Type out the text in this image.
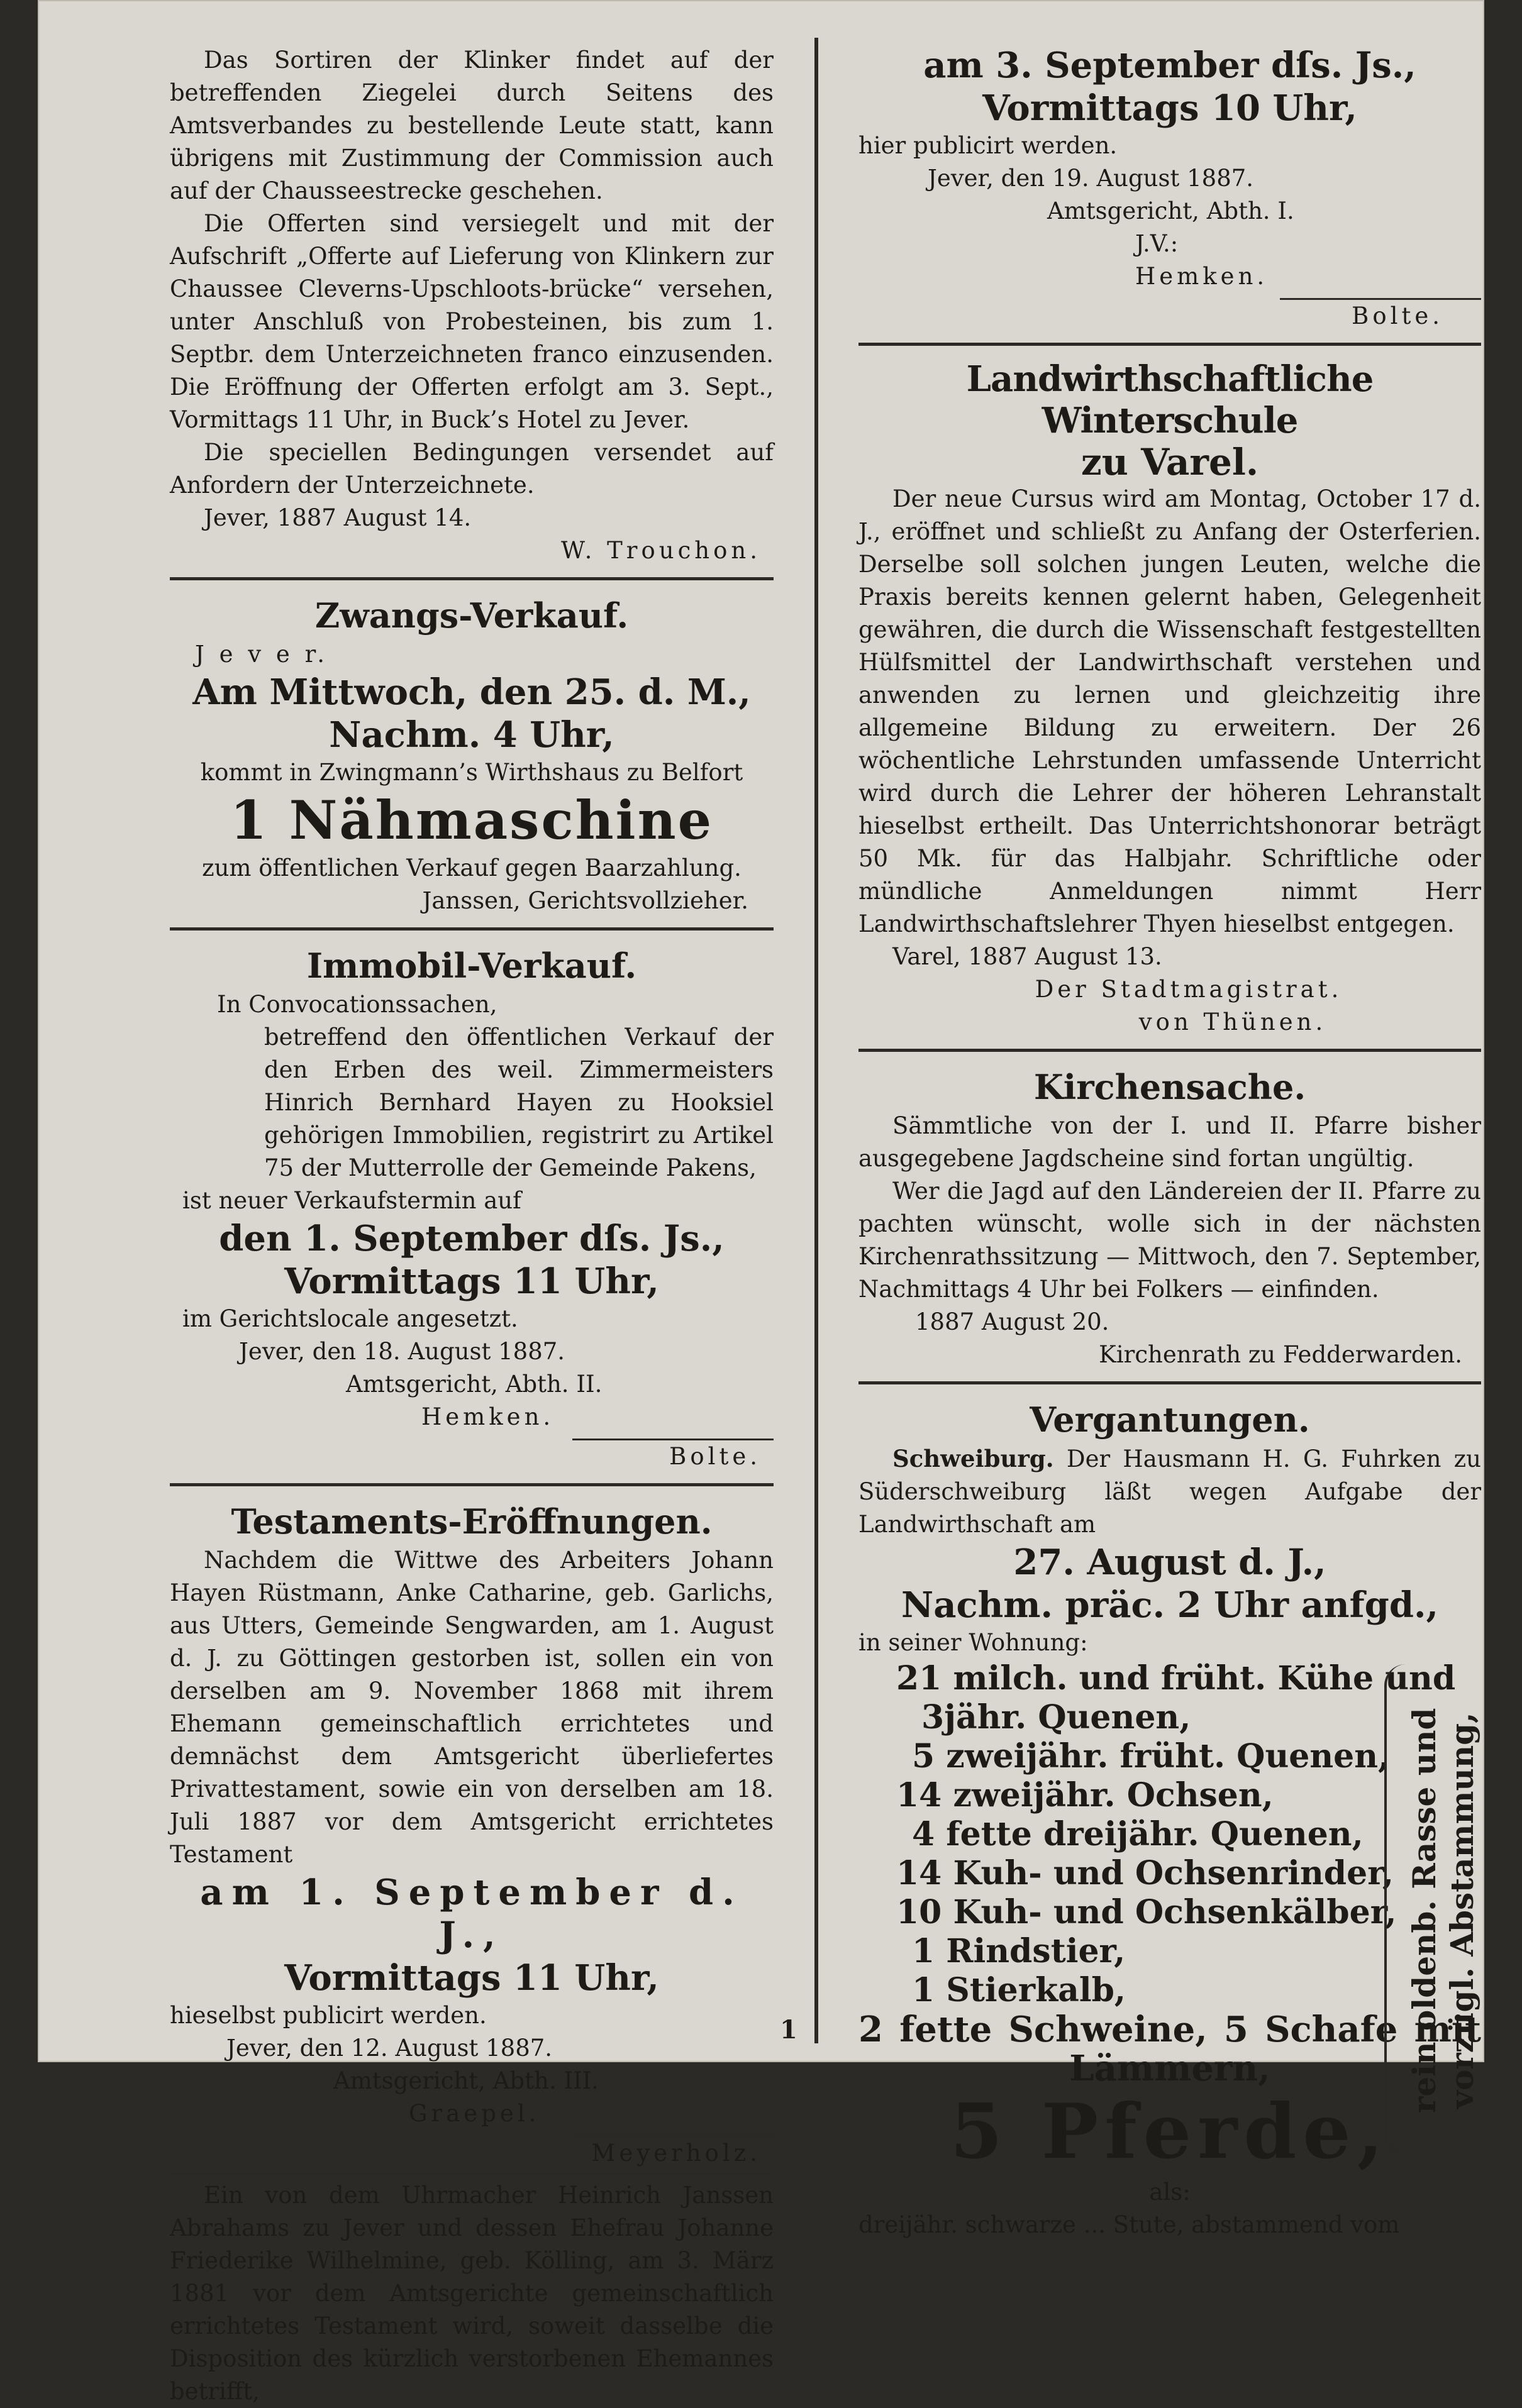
Das Sortiren der Klinker findet auf der betreffenden Ziegelei durch Seitens des Amtsverbandes zu bestellende Leute statt, kann übrigens mit Zustimmung der Commission auch auf der Chausseestrecke geschehen.

Die Offerten sind versiegelt und mit der Aufschrift „Offerte auf Lieferung von Klinkern zur Chaussee Cleverns-Upschloots-brücke“ versehen, unter Anschluß von Probesteinen, bis zum 1. Septbr. dem Unterzeichneten franco einzusenden. Die Eröffnung der Offerten erfolgt am 3. Sept., Vormittags 11 Uhr, in Buck’s Hotel zu Jever.

Die speciellen Bedingungen versendet auf Anfordern der Unterzeichnete.

Jever, 1887 August 14.

W. Trouchon.

Zwangs-Verkauf.

J e v e r.

Am Mittwoch, den 25. d. M.,
Nachm. 4 Uhr,

kommt in Zwingmann’s Wirthshaus zu Belfort

1 Nähmaschine

zum öffentlichen Verkauf gegen Baarzahlung.

Janssen, Gerichtsvollzieher.

Immobil-Verkauf.

In Convocationssachen,

betreffend den öffentlichen Verkauf der den Erben des weil. Zimmermeisters Hinrich Bernhard Hayen zu Hooksiel gehörigen Immobilien, registrirt zu Artikel 75 der Mutterrolle der Gemeinde Pakens,

ist neuer Verkaufstermin auf

den 1. September dſs. Js.,
Vormittags 11 Uhr,

im Gerichtslocale angesetzt.

Jever, den 18. August 1887.

Amtsgericht, Abth. II.

Hemken.

Bolte.

Testaments-Eröffnungen.

Nachdem die Wittwe des Arbeiters Johann Hayen Rüstmann, Anke Catharine, geb. Garlichs, aus Utters, Gemeinde Sengwarden, am 1. August d. J. zu Göttingen gestorben ist, sollen ein von derselben am 9. November 1868 mit ihrem Ehemann gemeinschaftlich errichtetes und demnächst dem Amtsgericht überliefertes Privattestament, sowie ein von derselben am 18. Juli 1887 vor dem Amtsgericht errichtetes Testament

am 1. September d. J.,
Vormittags 11 Uhr,

hieselbst publicirt werden.

Jever, den 12. August 1887.

Amtsgericht, Abth. III.

Graepel.

Meyerholz.

Ein von dem Uhrmacher Heinrich Janssen Abrahams zu Jever und dessen Ehefrau Johanne Friederike Wilhelmine, geb. Kölling, am 3. März 1881 vor dem Amtsgerichte gemeinschaftlich errichtetes Testament wird, soweit dasselbe die Disposition des kürzlich verstorbenen Ehemannes betrifft,

am 3. September dſs. Js.,
Vormittags 10 Uhr,

hier publicirt werden.

Jever, den 19. August 1887.

Amtsgericht, Abth. I.

J.V.:

Hemken.

Bolte.

Landwirthschaftliche Winterschule
zu Varel.

Der neue Cursus wird am Montag, October 17 d. J., eröffnet und schließt zu Anfang der Osterferien. Derselbe soll solchen jungen Leuten, welche die Praxis bereits kennen gelernt haben, Gelegenheit gewähren, die durch die Wissenschaft festgestellten Hülfsmittel der Landwirthschaft verstehen und anwenden zu lernen und gleichzeitig ihre allgemeine Bildung zu erweitern. Der 26 wöchentliche Lehrstunden umfassende Unterricht wird durch die Lehrer der höheren Lehranstalt hieselbst ertheilt. Das Unterrichtshonorar beträgt 50 Mk. für das Halbjahr. Schriftliche oder mündliche Anmeldungen nimmt Herr Landwirthschaftslehrer Thyen hieselbst entgegen.

Varel, 1887 August 13.

Der Stadtmagistrat.

von Thünen.

Kirchensache.

Sämmtliche von der I. und II. Pfarre bisher ausgegebene Jagdscheine sind fortan ungültig.

Wer die Jagd auf den Ländereien der II. Pfarre zu pachten wünscht, wolle sich in der nächsten Kirchenrathssitzung — Mittwoch, den 7. September, Nachmittags 4 Uhr bei Folkers — einfinden.

1887 August 20.

Kirchenrath zu Fedderwarden.

Vergantungen.

Schweiburg. Der Hausmann H. G. Fuhrken zu Süderschweiburg läßt wegen Aufgabe der Landwirthschaft am

27. August d. J.,
Nachm. präc. 2 Uhr anfgd.,

in seiner Wohnung:

21 milch. und früht. Kühe und
3jähr. Quenen,
5 zweijähr. früht. Quenen,
14 zweijähr. Ochsen,
4 fette dreijähr. Quenen,
14 Kuh- und Ochsenrinder,
10 Kuh- und Ochsenkälber,
1 Rindstier,
1 Stierkalb,	rein oldenb. Rasse und vorzügl. Abstammung,
2 fette Schweine, 5 Schafe mit
Lämmern,
5 Pferde,

als:

dreijähr. schwarze ... Stute, abstammend vom

1
